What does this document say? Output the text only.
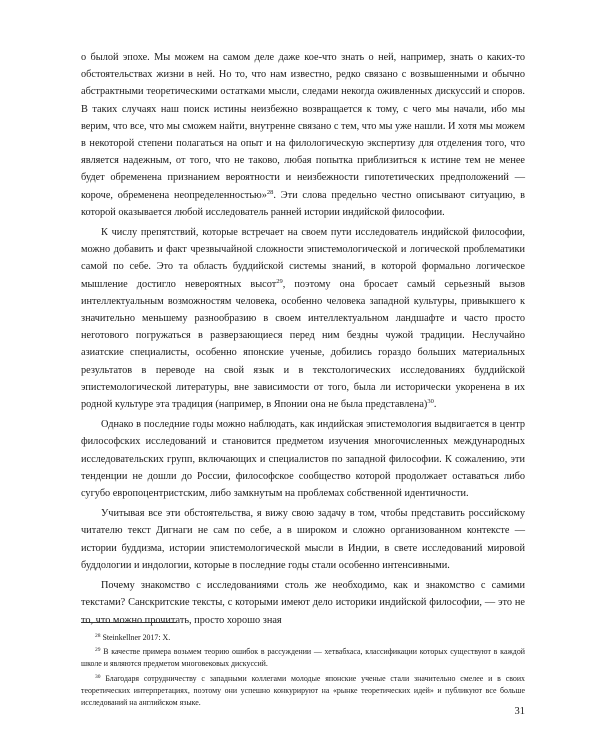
о былой эпохе. Мы можем на самом деле даже кое-что знать о ней, например, знать о каких-то обстоятельствах жизни в ней. Но то, что нам известно, редко связано с возвышенными и обычно абстрактными теоретическими остатками мысли, следами некогда оживленных дискуссий и споров. В таких случаях наш поиск истины неизбежно возвращается к тому, с чего мы начали, ибо мы верим, что все, что мы сможем найти, внутренне связано с тем, что мы уже нашли. И хотя мы можем в некоторой степени полагаться на опыт и на филологическую экспертизу для отделения того, что является надежным, от того, что не таково, любая попытка приблизиться к истине тем не менее будет обременена признанием вероятности и неизбежности гипотетических предположений — короче, обременена неопределенностью»$^{28}$. Эти слова предельно честно описывают ситуацию, в которой оказывается любой исследователь ранней истории индийской философии.

К числу препятствий, которые встречает на своем пути исследователь индийской философии, можно добавить и факт чрезвычайной сложности эпистемологической и логической проблематики самой по себе. Это та область буддийской системы знаний, в которой формально логическое мышление достигло невероятных высот$^{29}$, поэтому она бросает самый серьезный вызов интеллектуальным возможностям человека, особенно человека западной культуры, привыкшего к значительно меньшему разнообразию в своем интеллектуальном ландшафте и часто просто неготового погружаться в разверзающиеся перед ним бездны чужой традиции. Неслучайно азиатские специалисты, особенно японские ученые, добились гораздо больших материальных результатов в переводе на свой язык и в текстологических исследованиях буддийской эпистемологической литературы, вне зависимости от того, была ли исторически укоренена в их родной культуре эта традиция (например, в Японии она не была представлена)$^{30}$.

Однако в последние годы можно наблюдать, как индийская эпистемология выдвигается в центр философских исследований и становится предметом изучения многочисленных международных исследовательских групп, включающих и специалистов по западной философии. К сожалению, эти тенденции не дошли до России, философское сообщество которой продолжает оставаться либо сугубо европоцентристским, либо замкнутым на проблемах собственной идентичности.

Учитывая все эти обстоятельства, я вижу свою задачу в том, чтобы представить российскому читателю текст Дигнаги не сам по себе, а в широком и сложно организованном контексте — истории буддизма, истории эпистемологической мысли в Индии, в свете исследований мировой буддологии и индологии, которые в последние годы стали особенно интенсивными.

Почему знакомство с исследованиями столь же необходимо, как и знакомство с самими текстами? Санскритские тексты, с которыми имеют дело историки индийской философии, — это не то, что можно прочитать, просто хорошо зная

$^{28}$ Steinkellner 2017: X.

$^{29}$ В качестве примера возьмем теорию ошибок в рассуждении — хетвабхаса, классификации которых существуют в каждой школе и являются предметом многовековых дискуссий.

$^{30}$ Благодаря сотрудничеству с западными коллегами молодые японские ученые стали значительно смелее и в своих теоретических интерпретациях, поэтому они успешно конкурируют на «рынке теоретических идей» и публикуют все больше исследований на английском языке.

31
